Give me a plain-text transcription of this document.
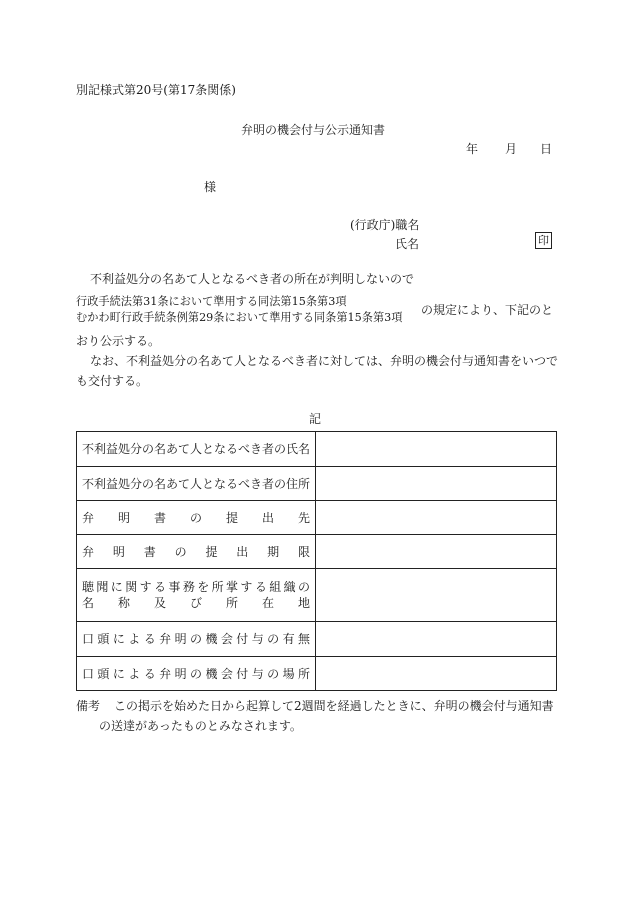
別記様式第20号(第17条関係)
弁明の機会付与公示通知書
年 月 日
様
(行政庁)職名
氏名	印
不利益処分の名あて人となるべき者の所在が判明しないので
行政手続法第31条において準用する同法第15条第3項
むかわ町行政手続条例第29条において準用する同条第15条第3項
の規定により、下記のと
おり公示する。
なお、不利益処分の名あて人となるべき者に対しては、弁明の機会付与通知書をいつで
も交付する。
記
不利益処分の名あて人となるべき者の氏名	
不利益処分の名あて人となるべき者の住所	

弁明書の提出先	

弁明書の提出期限	

聴聞に関する事務を所掌する組織の
名称及び所在地	

口頭による弁明の機会付与の有無	

口頭による弁明の機会付与の場所	

備考 この掲示を始めた日から起算して2週間を経過したときに、弁明の機会付与通知書
の送達があったものとみなされます。
